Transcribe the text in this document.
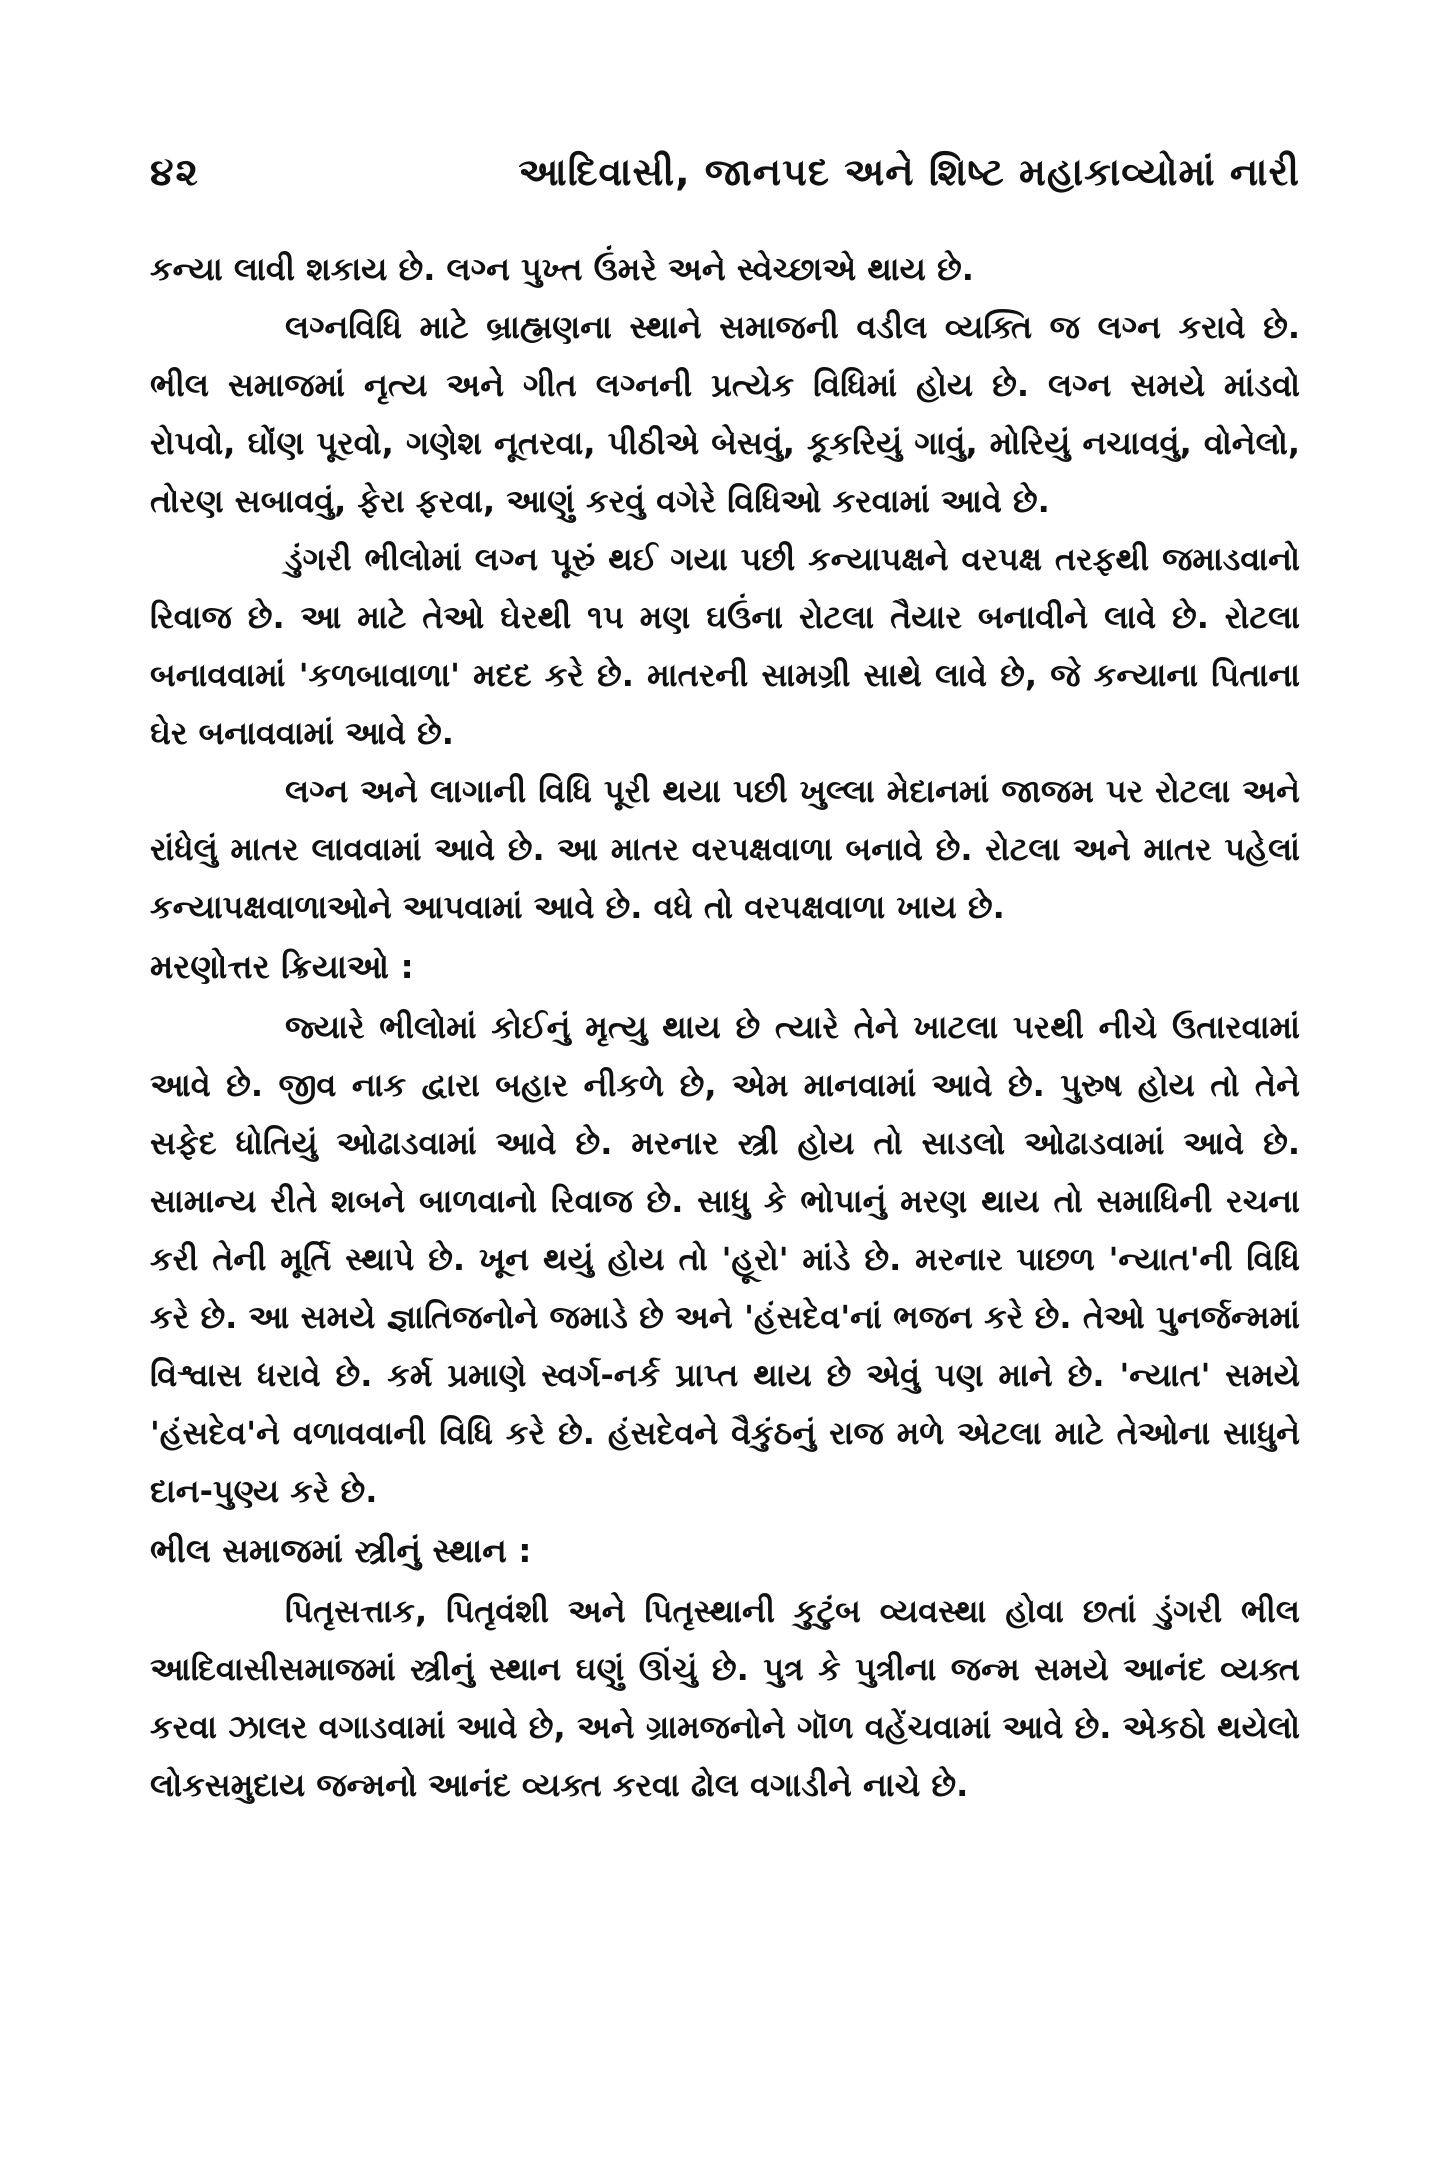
૪૨	આદિવાસી, જાનપદ અને શિષ્ટ મહાકાવ્યોમાં નારી

કન્યા લાવી શકાય છે. લગ્ન પુખ્ત ઉંમરે અને સ્વેચ્છાએ થાય છે.

લગ્નવિધિ માટે બ્રાહ્મણના સ્થાને સમાજની વડીલ વ્યક્તિ જ લગ્ન કરાવે છે. ભીલ સમાજમાં નૃત્ય અને ગીત લગ્નની પ્રત્યેક વિધિમાં હોય છે. લગ્ન સમયે માંડવો રોપવો, ઘોંણ પૂરવો, ગણેશ નૂતરવા, પીઠીએ બેસવું, કૂકરિયું ગાવું, મોરિયું નચાવવું, વોનેલો, તોરણ સબાવવું, ફેરા ફરવા, આણું કરવું વગેરે વિધિઓ કરવામાં આવે છે.

ડુંગરી ભીલોમાં લગ્ન પૂરું થઈ ગયા પછી કન્યાપક્ષને વરપક્ષ તરફથી જમાડવાનો રિવાજ છે. આ માટે તેઓ ઘેરથી ૧૫ મણ ઘઉંના રોટલા તૈયાર બનાવીને લાવે છે. રોટલા બનાવવામાં 'કળબાવાળા' મદદ કરે છે. માતરની સામગ્રી સાથે લાવે છે, જે કન્યાના પિતાના ઘેર બનાવવામાં આવે છે.

લગ્ન અને લાગાની વિધિ પૂરી થયા પછી ખુલ્લા મેદાનમાં જાજમ પર રોટલા અને રાંધેલું માતર લાવવામાં આવે છે. આ માતર વરપક્ષવાળા બનાવે છે. રોટલા અને માતર પહેલાં કન્યાપક્ષવાળાઓને આપવામાં આવે છે. વધે તો વરપક્ષવાળા ખાય છે.

મરણોત્તર ક્રિયાઓ :

જ્યારે ભીલોમાં કોઈનું મૃત્યુ થાય છે ત્યારે તેને ખાટલા પરથી નીચે ઉતારવામાં આવે છે. જીવ નાક દ્વારા બહાર નીકળે છે, એમ માનવામાં આવે છે. પુરુષ હોય તો તેને સફેદ ધોતિયું ઓઢાડવામાં આવે છે. મરનાર સ્ત્રી હોય તો સાડલો ઓઢાડવામાં આવે છે. સામાન્ય રીતે શબને બાળવાનો રિવાજ છે. સાધુ કે ભોપાનું મરણ થાય તો સમાધિની રચના કરી તેની મૂર્તિ સ્થાપે છે. ખૂન થયું હોય તો 'હૂરો' માંડે છે. મરનાર પાછળ 'ન્યાત'ની વિધિ કરે છે. આ સમયે જ્ઞાતિજનોને જમાડે છે અને 'હંસદેવ'નાં ભજન કરે છે. તેઓ પુનર્જન્મમાં વિશ્વાસ ધરાવે છે. કર્મ પ્રમાણે સ્વર્ગ-નર્ક પ્રાપ્ત થાય છે એવું પણ માને છે. 'ન્યાત' સમયે 'હંસદેવ'ને વળાવવાની વિધિ કરે છે. હંસદેવને વૈકુંઠનું રાજ મળે એટલા માટે તેઓના સાધુને દાન-પુણ્ય કરે છે.

ભીલ સમાજમાં સ્ત્રીનું સ્થાન :

પિતૃસત્તાક, પિતૃવંશી અને પિતૃસ્થાની કુટુંબ વ્યવસ્થા હોવા છતાં ડુંગરી ભીલ આદિવાસીસમાજમાં સ્ત્રીનું સ્થાન ઘણું ઊંચું છે. પુત્ર કે પુત્રીના જન્મ સમયે આનંદ વ્યક્ત કરવા ઝાલર વગાડવામાં આવે છે, અને ગ્રામજનોને ગૉળ વહેંચવામાં આવે છે. એકઠો થયેલો લોકસમુદાય જન્મનો આનંદ વ્યક્ત કરવા ઢોલ વગાડીને નાચે છે.
